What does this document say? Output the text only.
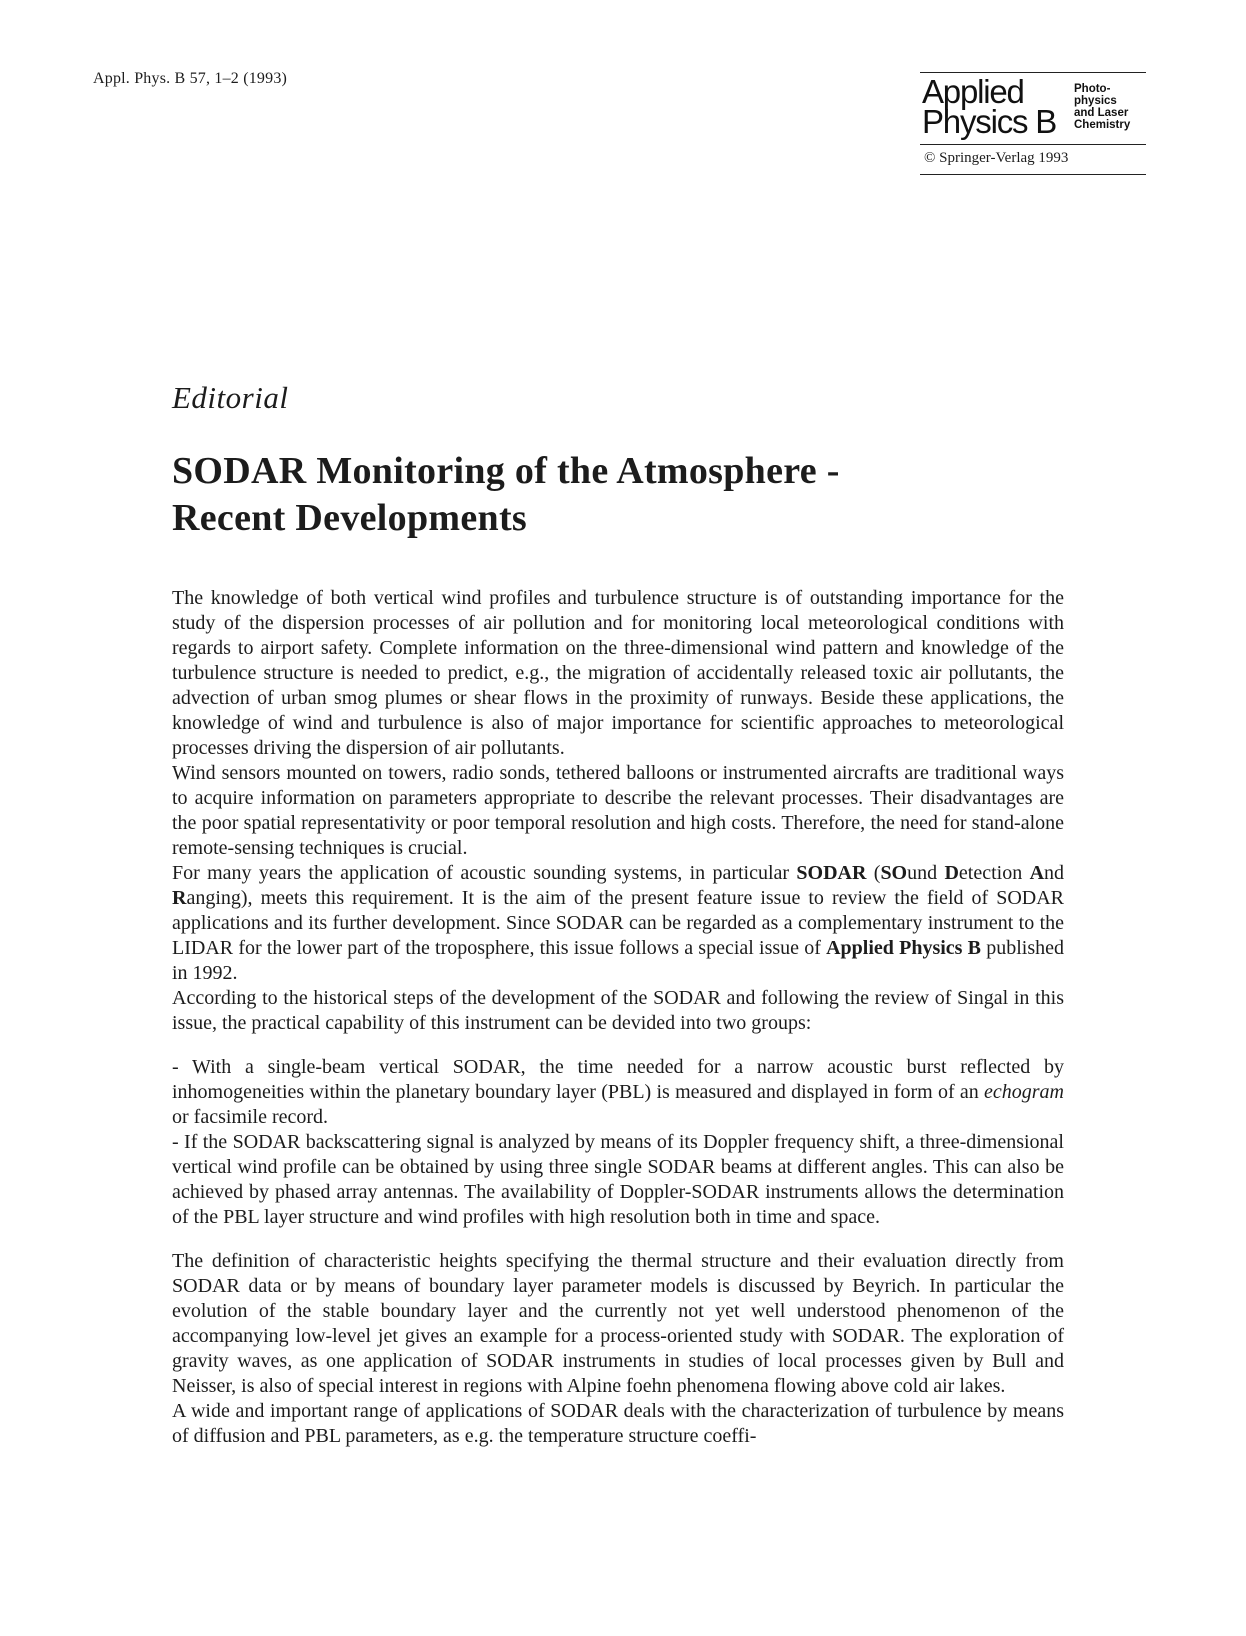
Appl. Phys. B 57, 1–2 (1993)	Applied
Physics B
Photo-
physics
and Laser
Chemistry
© Springer-Verlag 1993
Editorial
SODAR Monitoring of the Atmosphere -
Recent Developments

The knowledge of both vertical wind profiles and turbulence structure is of outstanding importance for the study of the dispersion processes of air pollution and for monitoring local meteorological conditions with regards to airport safety. Complete information on the three-dimensional wind pattern and knowledge of the turbulence structure is needed to predict, e.g., the migration of accidentally released toxic air pollutants, the advection of urban smog plumes or shear flows in the proximity of runways. Beside these applications, the knowledge of wind and turbulence is also of major importance for scientific approaches to meteorological processes driving the dispersion of air pollutants.

Wind sensors mounted on towers, radio sonds, tethered balloons or instrumented aircrafts are traditional ways to acquire information on parameters appropriate to describe the relevant processes. Their disadvantages are the poor spatial representativity or poor temporal resolution and high costs. Therefore, the need for stand-alone remote-sensing techniques is crucial.

For many years the application of acoustic sounding systems, in particular SODAR (SOund Detection And Ranging), meets this requirement. It is the aim of the present feature issue to review the field of SODAR applications and its further development. Since SODAR can be regarded as a complementary instrument to the LIDAR for the lower part of the troposphere, this issue follows a special issue of Applied Physics B published in 1992.

According to the historical steps of the development of the SODAR and following the review of Singal in this issue, the practical capability of this instrument can be devided into two groups:

- With a single-beam vertical SODAR, the time needed for a narrow acoustic burst reflected by inhomogeneities within the planetary boundary layer (PBL) is measured and displayed in form of an echogram or facsimile record.

- If the SODAR backscattering signal is analyzed by means of its Doppler frequency shift, a three-dimensional vertical wind profile can be obtained by using three single SODAR beams at different angles. This can also be achieved by phased array antennas. The availability of Doppler-SODAR instruments allows the determination of the PBL layer structure and wind profiles with high resolution both in time and space.

The definition of characteristic heights specifying the thermal structure and their evaluation directly from SODAR data or by means of boundary layer parameter models is discussed by Beyrich. In particular the evolution of the stable boundary layer and the currently not yet well understood phenomenon of the accompanying low-level jet gives an example for a process-oriented study with SODAR. The exploration of gravity waves, as one application of SODAR instruments in studies of local processes given by Bull and Neisser, is also of special interest in regions with Alpine foehn phenomena flowing above cold air lakes.

A wide and important range of applications of SODAR deals with the characterization of turbulence by means of diffusion and PBL parameters, as e.g. the temperature structure coeffi-
